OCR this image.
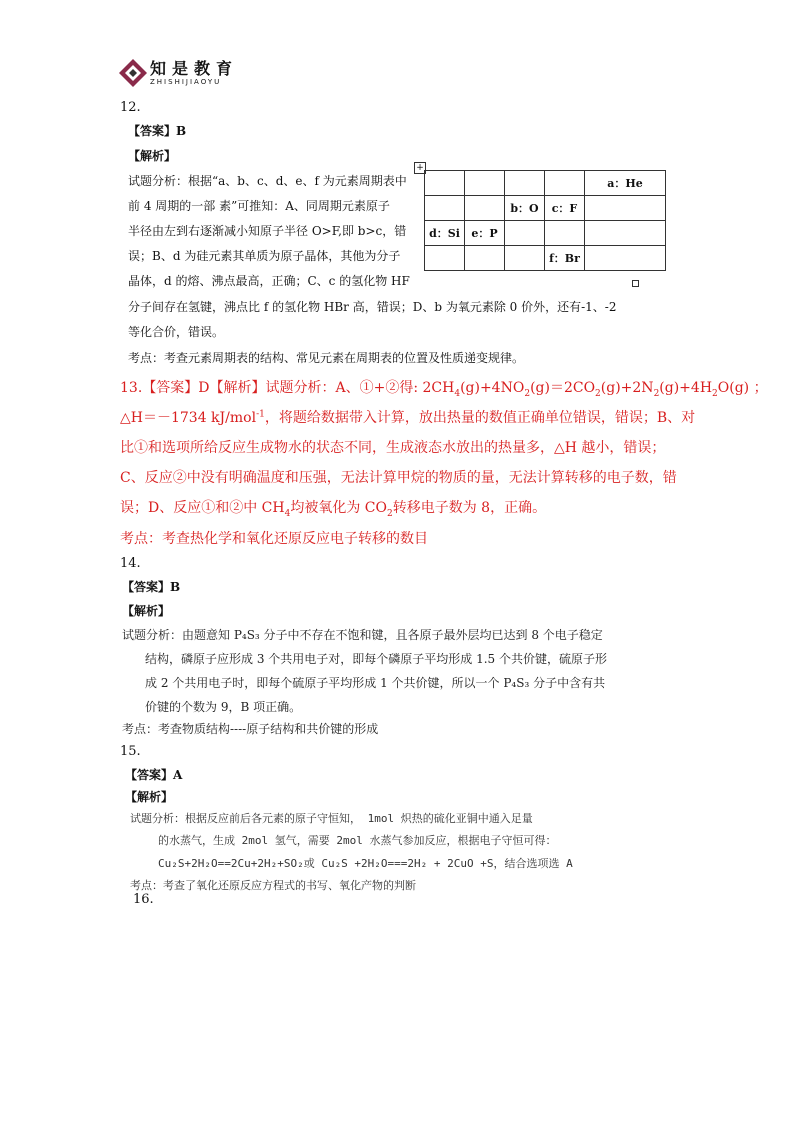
知是教育
ZHISHIJIAOYU
12.
【答案】B
【解析】
试题分析：根据“a、b、c、d、e、f 为元素周期表中
前 4 周期的一部 素”可推知：A、同周期元素原子
半径由左到右逐渐减小知原子半径 O>F,即 b>c，错
误；B、d 为硅元素其单质为原子晶体，其他为分子
晶体，d 的熔、沸点最高，正确；C、c 的氢化物 HF
分子间存在氢键，沸点比 f 的氢化物 HBr 高，错误；D、b 为氧元素除 0 价外，还有-1、-2
等化合价，错误。
考点：考查元素周期表的结构、常见元素在周期表的位置及性质递变规律。
+
				a：He
		b：O	c：F	
d：Si	e：P			
			f：Br	
13.【答案】D【解析】试题分析：A、①+②得: $2CH_4(g)+4NO_2(g)=2CO_2(g)+2N_2(g)+4H_2O(g)$ ；
△H＝－1734 kJ/mol$^{-1}$，将题给数据带入计算，放出热量的数值正确单位错误，错误；B、对
比①和选项所给反应生成物水的状态不同，生成液态水放出的热量多，△H 越小，错误；
C、反应②中没有明确温度和压强，无法计算甲烷的物质的量，无法计算转移的电子数，错
误；D、反应①和②中 $CH_4$均被氧化为 $CO_2$转移电子数为 8，正确。
考点：考查热化学和氧化还原反应电子转移的数目
14.
【答案】B
【解析】
试题分析：由题意知 P₄S₃ 分子中不存在不饱和键，且各原子最外层均已达到 8 个电子稳定
结构，磷原子应形成 3 个共用电子对，即每个磷原子平均形成 1.5 个共价键，硫原子形
成 2 个共用电子时，即每个硫原子平均形成 1 个共价键，所以一个 P₄S₃ 分子中含有共
价键的个数为 9，B 项正确。
考点：考查物质结构----原子结构和共价键的形成
15.
【答案】A
【解析】
试题分析：根据反应前后各元素的原子守恒知， 1mol 炽热的硫化亚铜中通入足量
的水蒸气，生成 2mol 氢气，需要 2mol 水蒸气参加反应，根据电子守恒可得：
Cu₂S+2H₂O==2Cu+2H₂+SO₂或 Cu₂S +2H₂O===2H₂ + 2CuO +S，结合选项选 A
考点：考查了氧化还原反应方程式的书写、氧化产物的判断
16.
